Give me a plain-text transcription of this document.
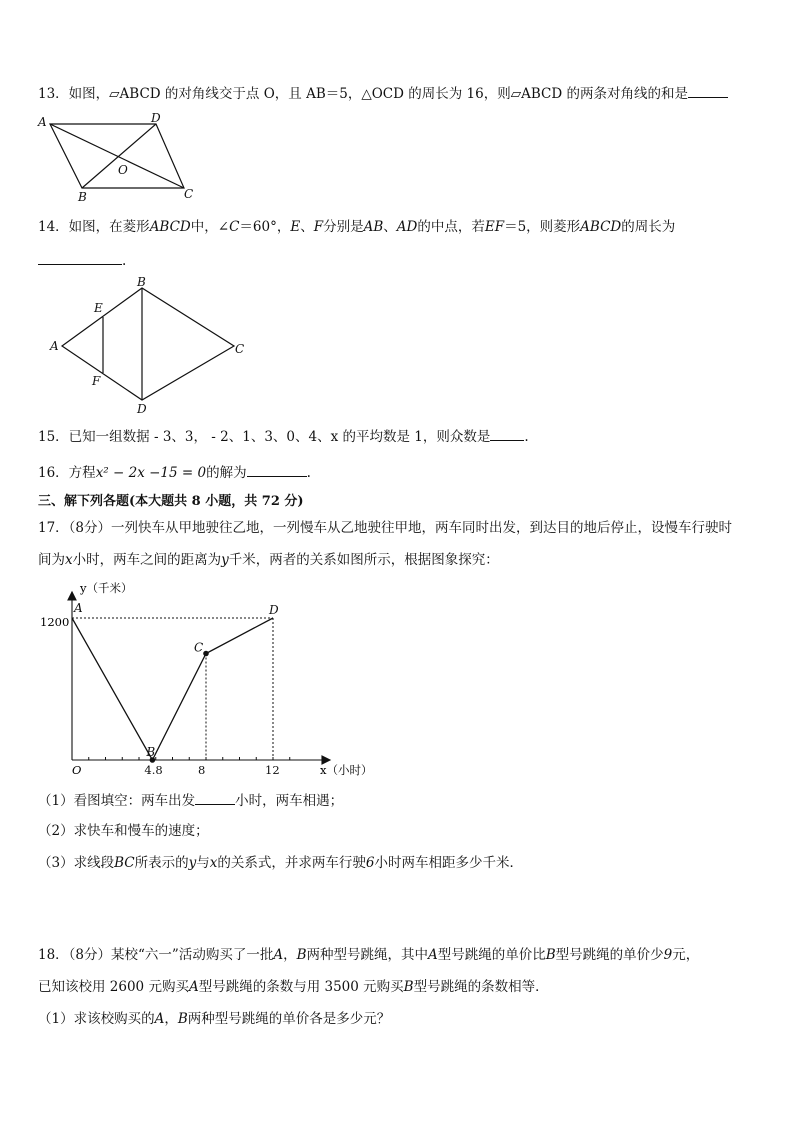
13．如图，▱ABCD 的对角线交于点 O，且 AB＝5，△OCD 的周长为 16，则▱ABCD 的两条对角线的和是
A	D
O
B	C
14．如图，在菱形ABCD中，∠C＝60°，E、F分别是AB、AD的中点，若EF＝5，则菱形ABCD的周长为
.
A
B
C
D
E
F
15．已知一组数据 - 3、3， - 2、1、3、0、4、x 的平均数是 1，则众数是	.
16．方程x² − 2x −15 = 0的解为	.
三、解下列各题(本大题共 8 小题，共 72 分)
17．（8分）一列快车从甲地驶往乙地，一列慢车从乙地驶往甲地，两车同时出发，到达目的地后停止，设慢车行驶时
间为x小时，两车之间的距离为y千米，两者的关系如图所示，根据图象探究：
y（千米）
x（小时）
1200
O
A
B
C
D
4.8	8	12
（1）看图填空：两车出发	小时，两车相遇；
（2）求快车和慢车的速度；
（3）求线段BC所表示的y与x的关系式，并求两车行驶6小时两车相距多少千米．
18．（8分）某校“六一”活动购买了一批A，B两种型号跳绳，其中A型号跳绳的单价比B型号跳绳的单价少9元，
已知该校用 2600 元购买A型号跳绳的条数与用 3500 元购买B型号跳绳的条数相等．
（1）求该校购买的A，B两种型号跳绳的单价各是多少元？
